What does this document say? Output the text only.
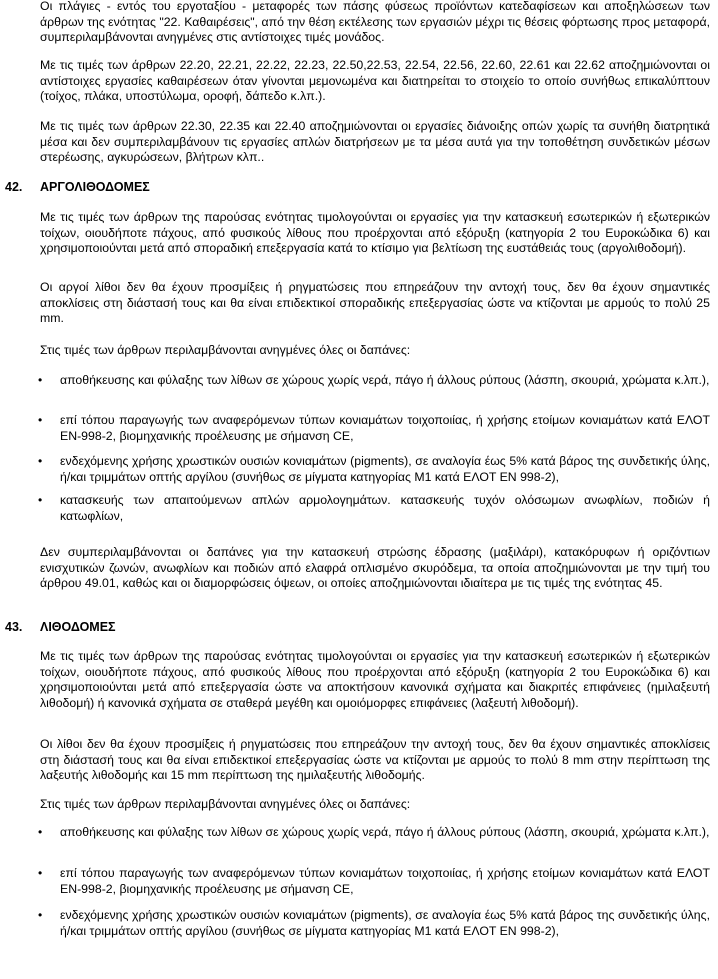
Οι πλάγιες - εντός του εργοταξίου - μεταφορές των πάσης φύσεως προϊόντων κατεδαφίσεων και αποξηλώσεων των άρθρων της ενότητας "22. Καθαιρέσεις", από την θέση εκτέλεσης των εργασιών μέχρι τις θέσεις φόρτωσης προς μεταφορά, συμπεριλαμβάνονται ανηγμένες στις αντίστοιχες τιμές μονάδος.

Με τις τιμές των άρθρων 22.20, 22.21, 22.22, 22.23, 22.50,22.53, 22.54, 22.56, 22.60, 22.61 και 22.62 αποζημιώνονται οι αντίστοιχες εργασίες καθαιρέσεων όταν γίνονται μεμονωμένα και διατηρείται το στοιχείο το οποίο συνήθως επικαλύπτουν (τοίχος, πλάκα, υποστύλωμα, οροφή, δάπεδο κ.λπ.).

Με τις τιμές των άρθρων 22.30, 22.35 και 22.40 αποζημιώνονται οι εργασίες διάνοιξης οπών χωρίς τα συνήθη διατρητικά μέσα και δεν συμπεριλαμβάνουν τις εργασίες απλών διατρήσεων με τα μέσα αυτά για την τοποθέτηση συνδετικών μέσων στερέωσης, αγκυρώσεων, βλήτρων κλπ..

42. ΑΡΓΟΛΙΘΟΔΟΜΕΣ

Με τις τιμές των άρθρων της παρούσας ενότητας τιμολογούνται οι εργασίες για την κατασκευή εσωτερικών ή εξωτερικών τοίχων, οιουδήποτε πάχους, από φυσικούς λίθους που προέρχονται από εξόρυξη (κατηγορία 2 του Ευροκώδικα 6) και χρησιμοποιούνται μετά από σποραδική επεξεργασία κατά το κτίσιμο για βελτίωση της ευστάθειάς τους (αργολιθοδομή).

Οι αργοί λίθοι δεν θα έχουν προσμίξεις ή ρηγματώσεις που επηρεάζουν την αντοχή τους, δεν θα έχουν σημαντικές αποκλίσεις στη διάστασή τους και θα είναι επιδεκτικοί σποραδικής επεξεργασίας ώστε να κτίζονται με αρμούς το πολύ 25 mm.

Στις τιμές των άρθρων περιλαμβάνονται ανηγμένες όλες οι δαπάνες:

• αποθήκευσης και φύλαξης των λίθων σε χώρους χωρίς νερά, πάγο ή άλλους ρύπους (λάσπη, σκουριά, χρώματα κ.λπ.),
• επί τόπου παραγωγής των αναφερόμενων τύπων κονιαμάτων τοιχοποιίας, ή χρήσης ετοίμων κονιαμάτων κατά ΕΛΟΤ ΕΝ-998-2, βιομηχανικής προέλευσης με σήμανση CE,
• ενδεχόμενης χρήσης χρωστικών ουσιών κονιαμάτων (pigments), σε αναλογία έως 5% κατά βάρος της συνδετικής ύλης, ή/και τριμμάτων οπτής αργίλου (συνήθως σε μίγματα κατηγορίας Μ1 κατά ΕΛΟΤ ΕΝ 998-2),
• κατασκευής των απαιτούμενων απλών αρμολογημάτων. κατασκευής τυχόν ολόσωμων ανωφλίων, ποδιών ή κατωφλίων,

Δεν συμπεριλαμβάνονται οι δαπάνες για την κατασκευή στρώσης έδρασης (μαξιλάρι), κατακόρυφων ή οριζόντιων ενισχυτικών ζωνών, ανωφλίων και ποδιών από ελαφρά οπλισμένο σκυρόδεμα, τα οποία αποζημιώνονται με την τιμή του άρθρου 49.01, καθώς και οι διαμορφώσεις όψεων, οι οποίες αποζημιώνονται ιδιαίτερα με τις τιμές της ενότητας 45.

43. ΛΙΘΟΔΟΜΕΣ

Με τις τιμές των άρθρων της παρούσας ενότητας τιμολογούνται οι εργασίες για την κατασκευή εσωτερικών ή εξωτερικών τοίχων, οιουδήποτε πάχους, από φυσικούς λίθους που προέρχονται από εξόρυξη (κατηγορία 2 του Ευροκώδικα 6) και χρησιμοποιούνται μετά από επεξεργασία ώστε να αποκτήσουν κανονικά σχήματα και διακριτές επιφάνειες (ημιλαξευτή λιθοδομή) ή κανονικά σχήματα σε σταθερά μεγέθη και ομοιόμορφες επιφάνειες (λαξευτή λιθοδομή).

Οι λίθοι δεν θα έχουν προσμίξεις ή ρηγματώσεις που επηρεάζουν την αντοχή τους, δεν θα έχουν σημαντικές αποκλίσεις στη διάστασή τους και θα είναι επιδεκτικοί επεξεργασίας ώστε να κτίζονται με αρμούς το πολύ 8 mm στην περίπτωση της λαξευτής λιθοδομής και 15 mm περίπτωση της ημιλαξευτής λιθοδομής.

Στις τιμές των άρθρων περιλαμβάνονται ανηγμένες όλες οι δαπάνες:

• αποθήκευσης και φύλαξης των λίθων σε χώρους χωρίς νερά, πάγο ή άλλους ρύπους (λάσπη, σκουριά, χρώματα κ.λπ.),
• επί τόπου παραγωγής των αναφερόμενων τύπων κονιαμάτων τοιχοποιίας, ή χρήσης ετοίμων κονιαμάτων κατά ΕΛΟΤ ΕΝ-998-2, βιομηχανικής προέλευσης με σήμανση CE,
• ενδεχόμενης χρήσης χρωστικών ουσιών κονιαμάτων (pigments), σε αναλογία έως 5% κατά βάρος της συνδετικής ύλης, ή/και τριμμάτων οπτής αργίλου (συνήθως σε μίγματα κατηγορίας Μ1 κατά ΕΛΟΤ ΕΝ 998-2),
